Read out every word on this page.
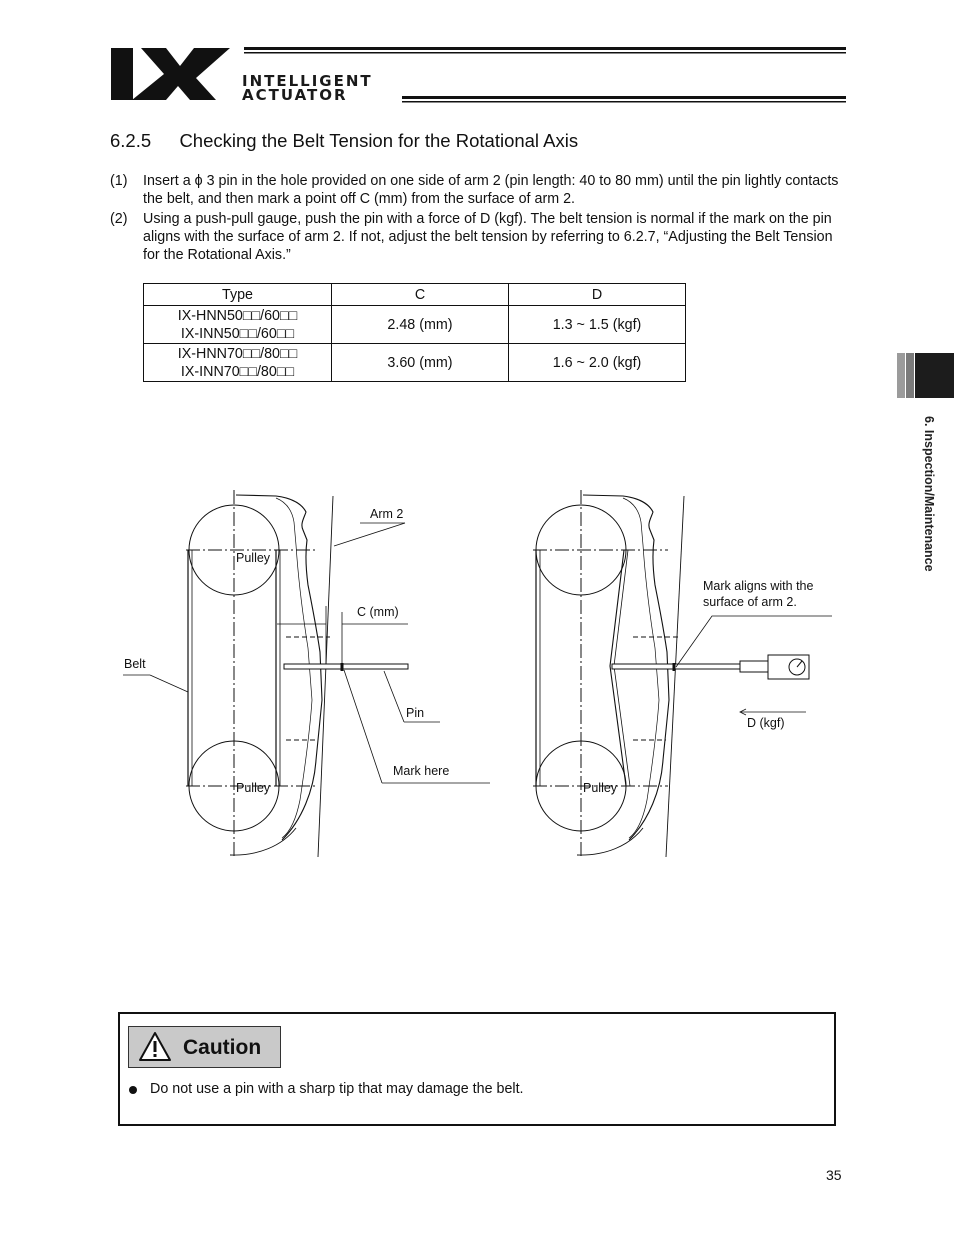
INTELLIGENT
ACTUATOR
6. Inspection/Maintenance
6.2.5 Checking the Belt Tension for the Rotational Axis
(1) Insert a ϕ 3 pin in the hole provided on one side of arm 2 (pin length: 40 to 80 mm) until the pin lightly contacts the belt, and then mark a point off C (mm) from the surface of arm 2.
(2) Using a push-pull gauge, push the pin with a force of D (kgf). The belt tension is normal if the mark on the pin aligns with the surface of arm 2. If not, adjust the belt tension by referring to 6.2.7, “Adjusting the Belt Tension for the Rotational Axis.”
Type	C	D

IX-HNN50□□/60□□
IX-INN50□□/60□□	2.48 (mm)	1.3 ~ 1.5 (kgf)

IX-HNN70□□/80□□
IX-INN70□□/80□□	3.60 (mm)	1.6 ~ 2.0 (kgf)
Arm 2
Pulley
C (mm)
Belt
Pin
Mark here
Pulley
Mark aligns with the
surface of arm 2.
D (kgf)
Pulley
Caution
Do not use a pin with a sharp tip that may damage the belt.
35
